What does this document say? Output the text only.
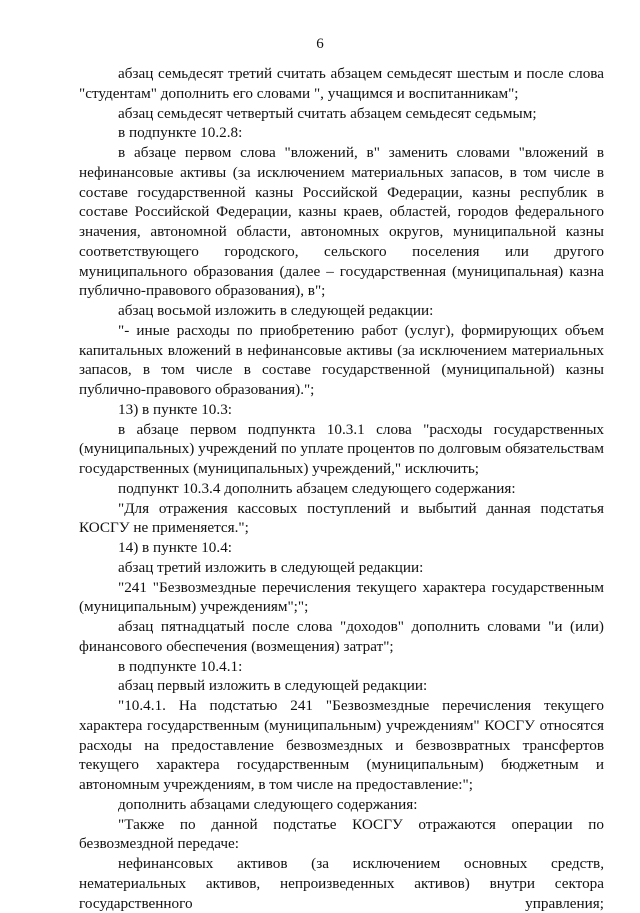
6

абзац семьдесят третий считать абзацем семьдесят шестым и после слова "студентам" дополнить его словами ", учащимся и воспитанникам";

абзац семьдесят четвертый считать абзацем семьдесят седьмым;

в подпункте 10.2.8:

в абзаце первом слова "вложений, в" заменить словами "вложений в нефинансовые активы (за исключением материальных запасов, в том числе в составе государственной казны Российской Федерации, казны республик в составе Российской Федерации, казны краев, областей, городов федерального значения, автономной области, автономных округов, муниципальной казны соответствующего городского, сельского поселения или другого муниципального образования (далее – государственная (муниципальная) казна публично-правового образования), в";

абзац восьмой изложить в следующей редакции:

"- иные расходы по приобретению работ (услуг), формирующих объем капитальных вложений в нефинансовые активы (за исключением материальных запасов, в том числе в составе государственной (муниципальной) казны публично-правового образования).";

13) в пункте 10.3:

в абзаце первом подпункта 10.3.1 слова "расходы государственных (муниципальных) учреждений по уплате процентов по долговым обязательствам государственных (муниципальных) учреждений," исключить;

подпункт 10.3.4 дополнить абзацем следующего содержания:

"Для отражения кассовых поступлений и выбытий данная подстатья КОСГУ не применяется.";

14) в пункте 10.4:

абзац третий изложить в следующей редакции:

"241 "Безвозмездные перечисления текущего характера государственным (муниципальным) учреждениям";";

абзац пятнадцатый после слова "доходов" дополнить словами "и (или) финансового обеспечения (возмещения) затрат";

в подпункте 10.4.1:

абзац первый изложить в следующей редакции:

"10.4.1. На подстатью 241 "Безвозмездные перечисления текущего характера государственным (муниципальным) учреждениям" КОСГУ относятся расходы на предоставление безвозмездных и безвозвратных трансфертов текущего характера государственным (муниципальным) бюджетным и автономным учреждениям, в том числе на предоставление:";

дополнить абзацами следующего содержания:

"Также по данной подстатье КОСГУ отражаются операции по безвозмездной передаче:

нефинансовых активов (за исключением основных средств, нематериальных активов, непроизведенных активов) внутри сектора государственного управления;
